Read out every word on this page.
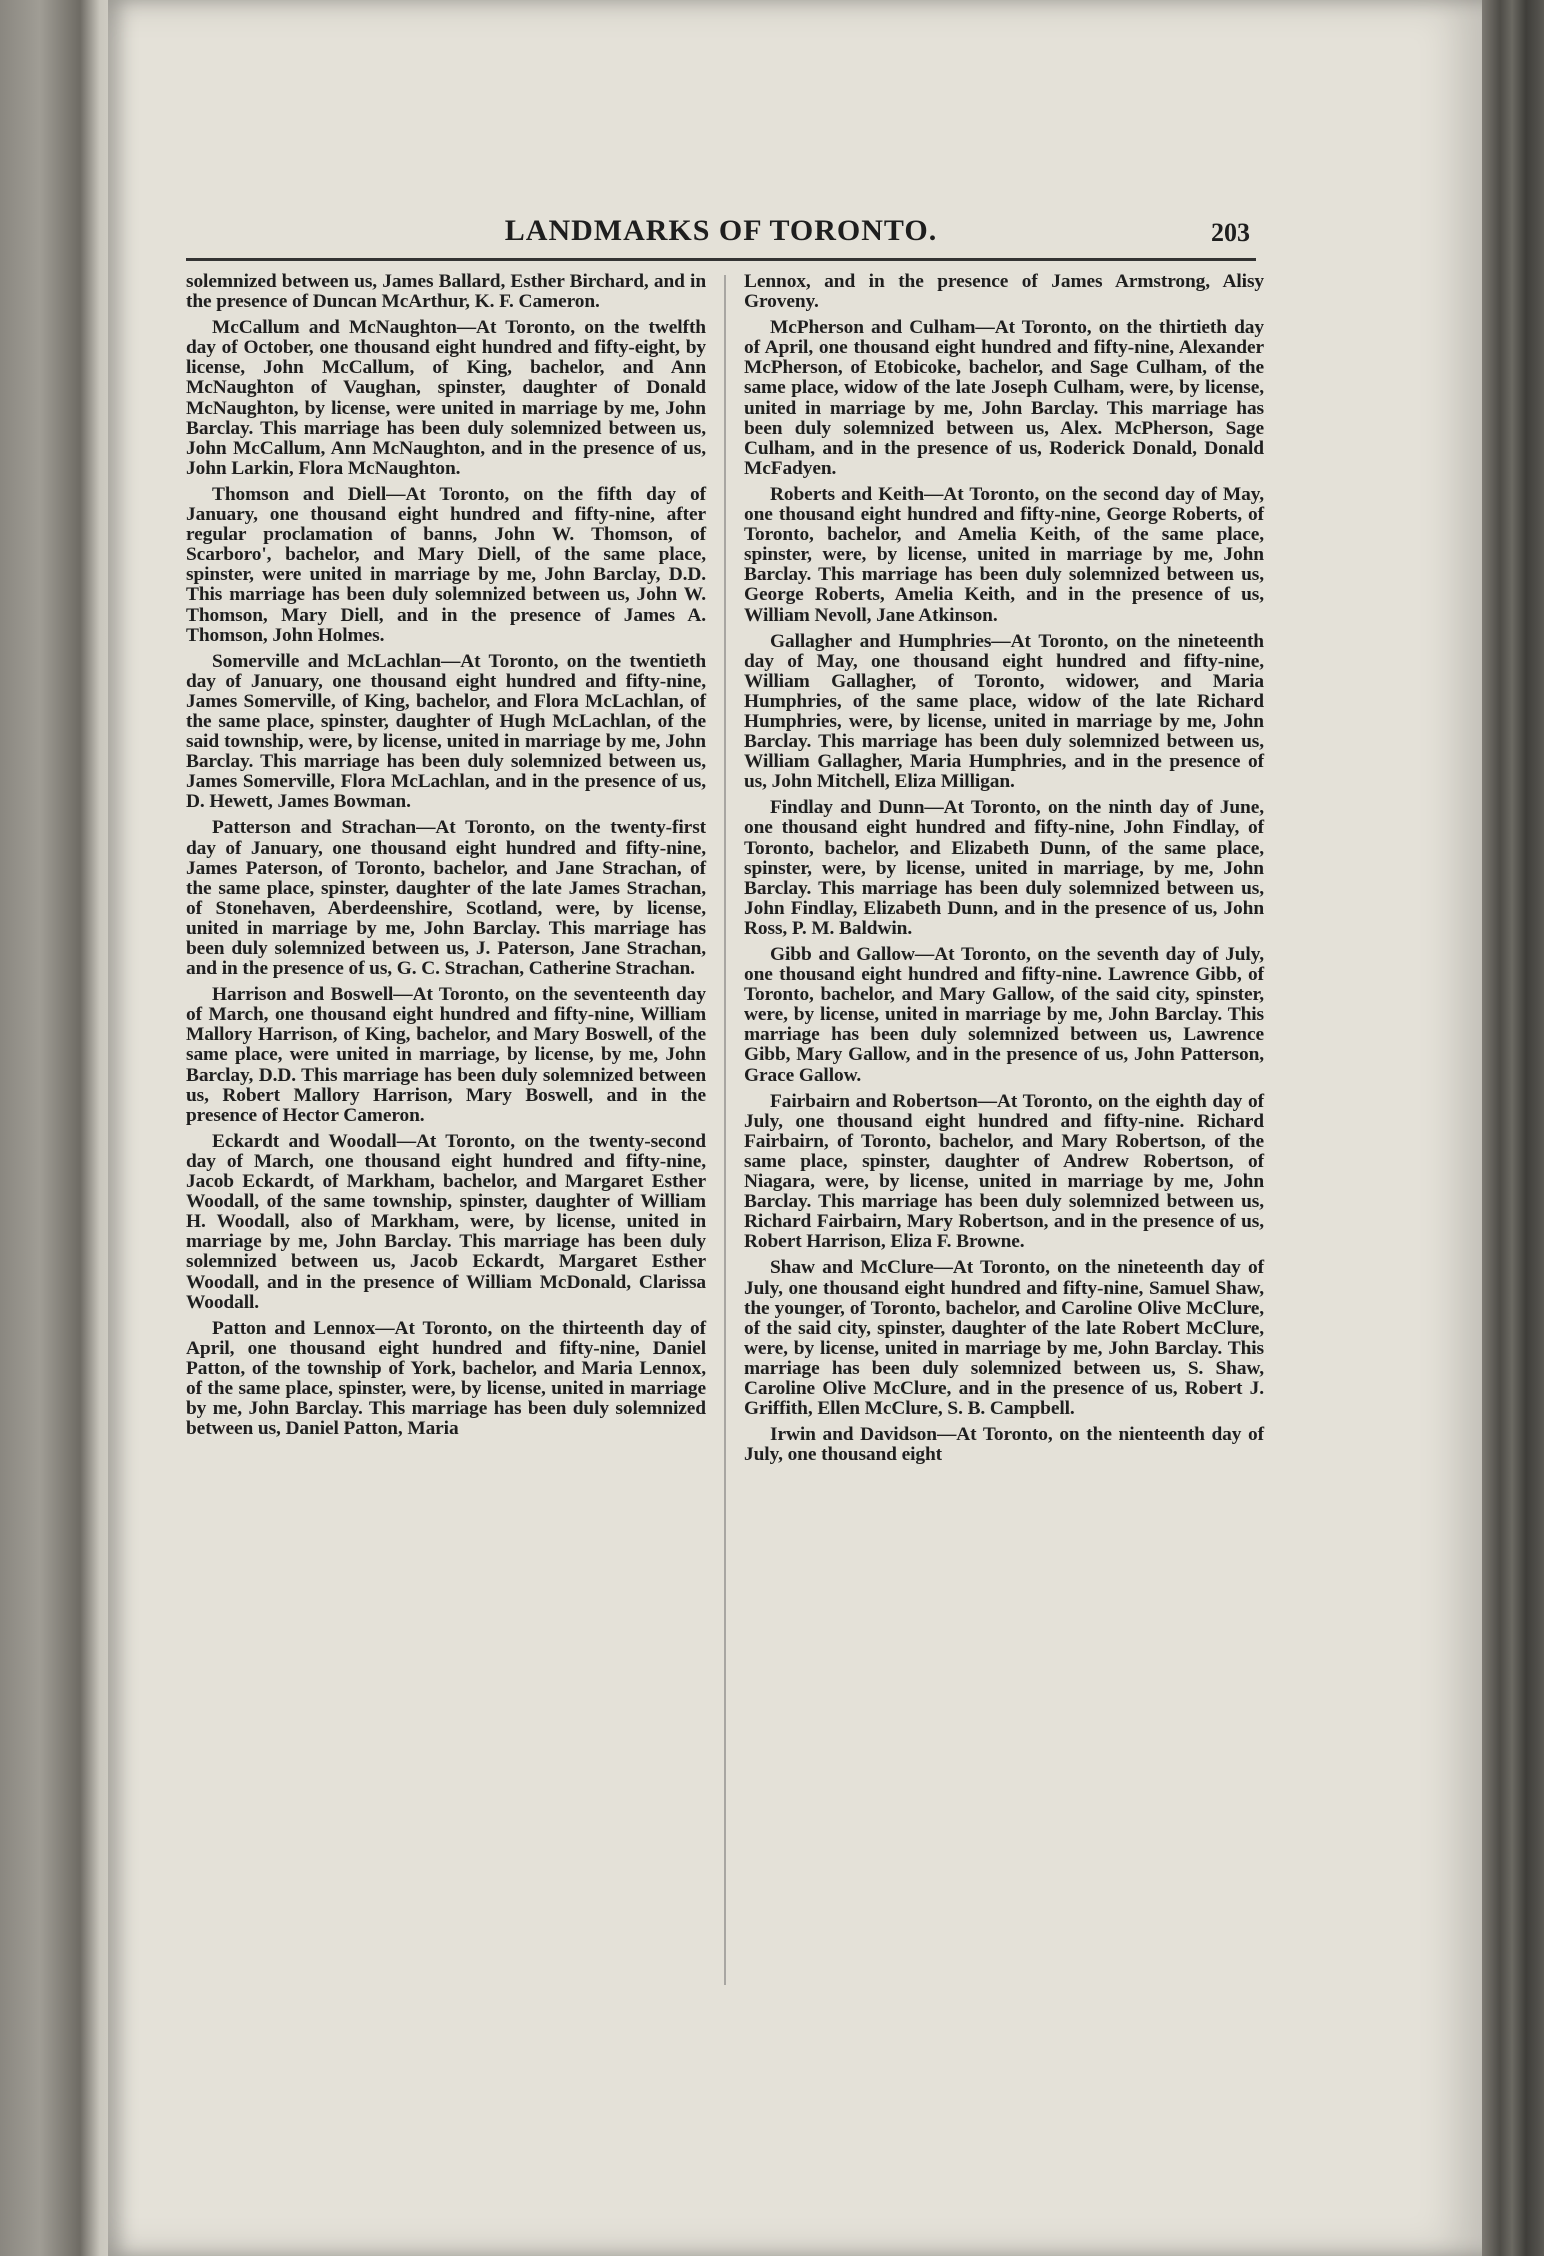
LANDMARKS OF TORONTO.	203

solemnized between us, James Ballard, Esther Birchard, and in the presence of Duncan McArthur, K. F. Cameron.

McCallum and McNaughton—At Toronto, on the twelfth day of October, one thousand eight hundred and fifty-eight, by license, John McCallum, of King, bachelor, and Ann McNaughton of Vaughan, spinster, daughter of Donald McNaughton, by license, were united in marriage by me, John Barclay. This marriage has been duly solemnized between us, John McCallum, Ann McNaughton, and in the presence of us, John Larkin, Flora McNaughton.

Thomson and Diell—At Toronto, on the fifth day of January, one thousand eight hundred and fifty-nine, after regular proclamation of banns, John W. Thomson, of Scarboro', bachelor, and Mary Diell, of the same place, spinster, were united in marriage by me, John Barclay, D.D. This marriage has been duly solemnized between us, John W. Thomson, Mary Diell, and in the presence of James A. Thomson, John Holmes.

Somerville and McLachlan—At Toronto, on the twentieth day of January, one thousand eight hundred and fifty-nine, James Somerville, of King, bachelor, and Flora McLachlan, of the same place, spinster, daughter of Hugh McLachlan, of the said township, were, by license, united in marriage by me, John Barclay. This marriage has been duly solemnized between us, James Somerville, Flora McLachlan, and in the presence of us, D. Hewett, James Bowman.

Patterson and Strachan—At Toronto, on the twenty-first day of January, one thousand eight hundred and fifty-nine, James Paterson, of Toronto, bachelor, and Jane Strachan, of the same place, spinster, daughter of the late James Strachan, of Stonehaven, Aberdeenshire, Scotland, were, by license, united in marriage by me, John Barclay. This marriage has been duly solemnized between us, J. Paterson, Jane Strachan, and in the presence of us, G. C. Strachan, Catherine Strachan.

Harrison and Boswell—At Toronto, on the seventeenth day of March, one thousand eight hundred and fifty-nine, William Mallory Harrison, of King, bachelor, and Mary Boswell, of the same place, were united in marriage, by license, by me, John Barclay, D.D. This marriage has been duly solemnized between us, Robert Mallory Harrison, Mary Boswell, and in the presence of Hector Cameron.

Eckardt and Woodall—At Toronto, on the twenty-second day of March, one thousand eight hundred and fifty-nine, Jacob Eckardt, of Markham, bachelor, and Margaret Esther Woodall, of the same township, spinster, daughter of William H. Woodall, also of Markham, were, by license, united in marriage by me, John Barclay. This marriage has been duly solemnized between us, Jacob Eckardt, Margaret Esther Woodall, and in the presence of William McDonald, Clarissa Woodall.

Patton and Lennox—At Toronto, on the thirteenth day of April, one thousand eight hundred and fifty-nine, Daniel Patton, of the township of York, bachelor, and Maria Lennox, of the same place, spinster, were, by license, united in marriage by me, John Barclay. This marriage has been duly solemnized between us, Daniel Patton, Maria

Lennox, and in the presence of James Armstrong, Alisy Groveny.

McPherson and Culham—At Toronto, on the thirtieth day of April, one thousand eight hundred and fifty-nine, Alexander McPherson, of Etobicoke, bachelor, and Sage Culham, of the same place, widow of the late Joseph Culham, were, by license, united in marriage by me, John Barclay. This marriage has been duly solemnized between us, Alex. McPherson, Sage Culham, and in the presence of us, Roderick Donald, Donald McFadyen.

Roberts and Keith—At Toronto, on the second day of May, one thousand eight hundred and fifty-nine, George Roberts, of Toronto, bachelor, and Amelia Keith, of the same place, spinster, were, by license, united in marriage by me, John Barclay. This marriage has been duly solemnized between us, George Roberts, Amelia Keith, and in the presence of us, William Nevoll, Jane Atkinson.

Gallagher and Humphries—At Toronto, on the nineteenth day of May, one thousand eight hundred and fifty-nine, William Gallagher, of Toronto, widower, and Maria Humphries, of the same place, widow of the late Richard Humphries, were, by license, united in marriage by me, John Barclay. This marriage has been duly solemnized between us, William Gallagher, Maria Humphries, and in the presence of us, John Mitchell, Eliza Milligan.

Findlay and Dunn—At Toronto, on the ninth day of June, one thousand eight hundred and fifty-nine, John Findlay, of Toronto, bachelor, and Elizabeth Dunn, of the same place, spinster, were, by license, united in marriage, by me, John Barclay. This marriage has been duly solemnized between us, John Findlay, Elizabeth Dunn, and in the presence of us, John Ross, P. M. Baldwin.

Gibb and Gallow—At Toronto, on the seventh day of July, one thousand eight hundred and fifty-nine. Lawrence Gibb, of Toronto, bachelor, and Mary Gallow, of the said city, spinster, were, by license, united in marriage by me, John Barclay. This marriage has been duly solemnized between us, Lawrence Gibb, Mary Gallow, and in the presence of us, John Patterson, Grace Gallow.

Fairbairn and Robertson—At Toronto, on the eighth day of July, one thousand eight hundred and fifty-nine. Richard Fairbairn, of Toronto, bachelor, and Mary Robertson, of the same place, spinster, daughter of Andrew Robertson, of Niagara, were, by license, united in marriage by me, John Barclay. This marriage has been duly solemnized between us, Richard Fairbairn, Mary Robertson, and in the presence of us, Robert Harrison, Eliza F. Browne.

Shaw and McClure—At Toronto, on the nineteenth day of July, one thousand eight hundred and fifty-nine, Samuel Shaw, the younger, of Toronto, bachelor, and Caroline Olive McClure, of the said city, spinster, daughter of the late Robert McClure, were, by license, united in marriage by me, John Barclay. This marriage has been duly solemnized between us, S. Shaw, Caroline Olive McClure, and in the presence of us, Robert J. Griffith, Ellen McClure, S. B. Campbell.

Irwin and Davidson—At Toronto, on the nienteenth day of July, one thousand eight
